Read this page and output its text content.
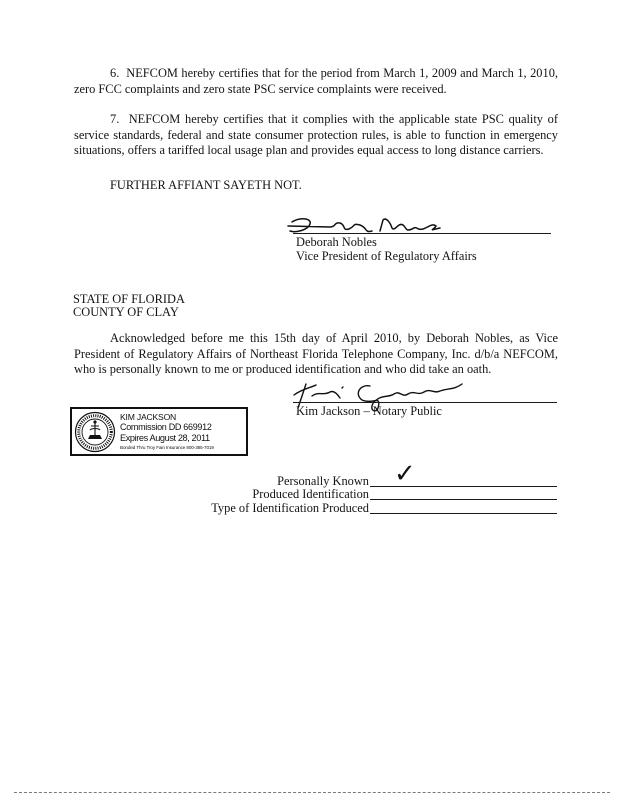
6. NEFCOM hereby certifies that for the period from March 1, 2009 and March 1, 2010, zero FCC complaints and zero state PSC service complaints were received.

7. NEFCOM hereby certifies that it complies with the applicable state PSC quality of service standards, federal and state consumer protection rules, is able to function in emergency situations, offers a tariffed local usage plan and provides equal access to long distance carriers.

FURTHER AFFIANT SAYETH NOT.

Deborah Nobles

Vice President of Regulatory Affairs

STATE OF FLORIDA

COUNTY OF CLAY

Acknowledged before me this 15th day of April 2010, by Deborah Nobles, as Vice President of Regulatory Affairs of Northeast Florida Telephone Company, Inc. d/b/a NEFCOM, who is personally known to me or produced identification and who did take an oath.

Kim Jackson – Notary Public

KIM JACKSON
Commission DD 669912
Expires August 28, 2011
Bonded Thru Troy Fain Insurance 800-385-7019

Personally Known ✓

Produced Identification

Type of Identification Produced
